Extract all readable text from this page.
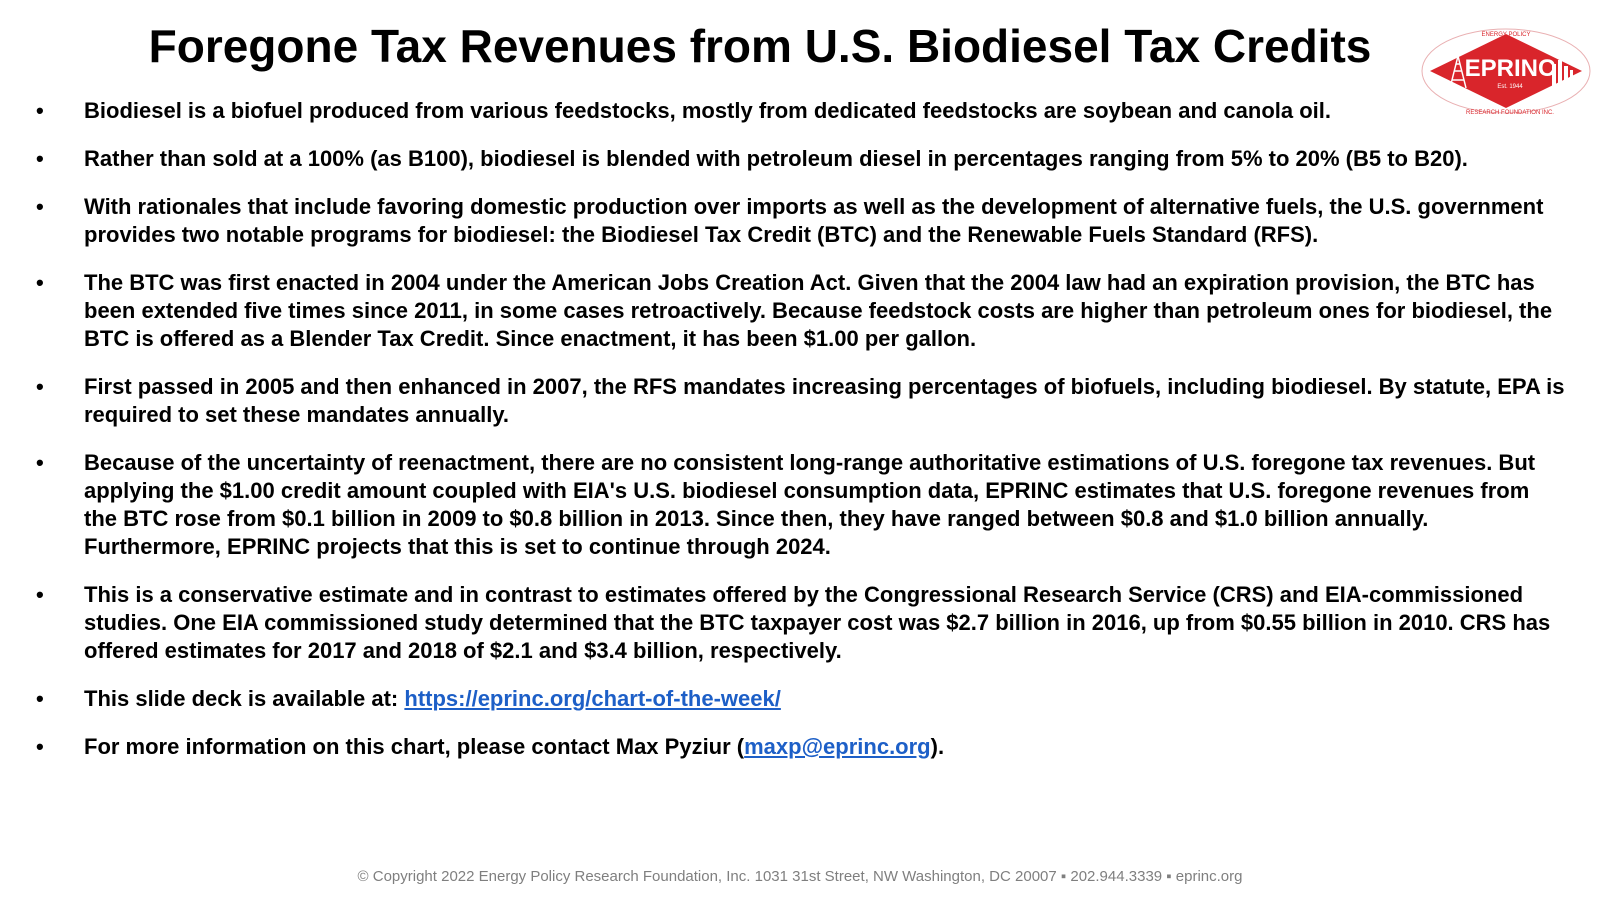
Foregone Tax Revenues from U.S. Biodiesel Tax Credits	EPRINC
Est. 1944
ENERGY POLICY
RESEARCH FOUNDATION INC.
• Biodiesel is a biofuel produced from various feedstocks, mostly from dedicated feedstocks are soybean and canola oil.
• Rather than sold at a 100% (as B100), biodiesel is blended with petroleum diesel in percentages ranging from 5% to 20% (B5 to B20).
• With rationales that include favoring domestic production over imports as well as the development of alternative fuels, the U.S. government provides two notable programs for biodiesel: the Biodiesel Tax Credit (BTC) and the Renewable Fuels Standard (RFS).
• The BTC was first enacted in 2004 under the American Jobs Creation Act. Given that the 2004 law had an expiration provision, the BTC has been extended five times since 2011, in some cases retroactively. Because feedstock costs are higher than petroleum ones for biodiesel, the BTC is offered as a Blender Tax Credit. Since enactment, it has been $1.00 per gallon.
• First passed in 2005 and then enhanced in 2007, the RFS mandates increasing percentages of biofuels, including biodiesel. By statute, EPA is required to set these mandates annually.
• Because of the uncertainty of reenactment, there are no consistent long-range authoritative estimations of U.S. foregone tax revenues. But applying the $1.00 credit amount coupled with EIA's U.S. biodiesel consumption data, EPRINC estimates that U.S. foregone revenues from the BTC rose from $0.1 billion in 2009 to $0.8 billion in 2013. Since then, they have ranged between $0.8 and $1.0 billion annually. Furthermore, EPRINC projects that this is set to continue through 2024.
• This is a conservative estimate and in contrast to estimates offered by the Congressional Research Service (CRS) and EIA-commissioned studies. One EIA commissioned study determined that the BTC taxpayer cost was $2.7 billion in 2016, up from $0.55 billion in 2010. CRS has offered estimates for 2017 and 2018 of $2.1 and $3.4 billion, respectively.
• This slide deck is available at: https://eprinc.org/chart-of-the-week/
• For more information on this chart, please contact Max Pyziur (maxp@eprinc.org).
© Copyright 2022 Energy Policy Research Foundation, Inc. 1031 31st Street, NW Washington, DC 20007 ▪ 202.944.3339 ▪ eprinc.org
